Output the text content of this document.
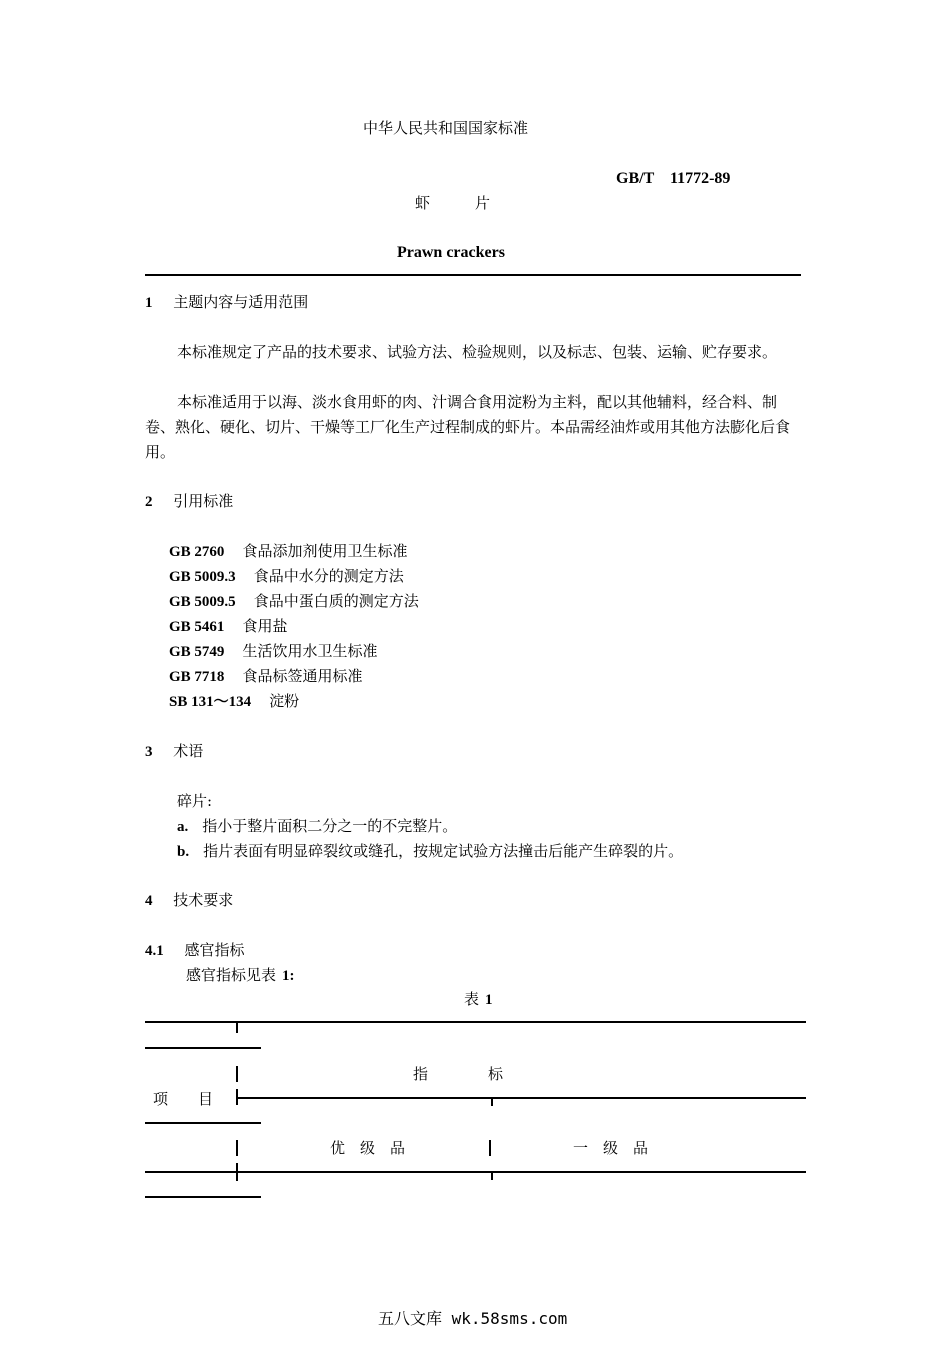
中华人民共和国国家标准
GB/T　11772-89
虾　　　片
Prawn crackers
1 主题内容与适用范围
本标准规定了产品的技术要求、试验方法、检验规则，以及标志、包装、运输、贮存要求。
本标准适用于以海、淡水食用虾的肉、汁调合食用淀粉为主料，配以其他辅料，经合料、制卷、熟化、硬化、切片、干燥等工厂化生产过程制成的虾片。本品需经油炸或用其他方法膨化后食用。
2 引用标准
GB 2760 食品添加剂使用卫生标准
GB 5009.3 食品中水分的测定方法
GB 5009.5 食品中蛋白质的测定方法
GB 5461 食用盐
GB 5749 生活饮用水卫生标准
GB 7718 食品标签通用标准
SB 131～134 淀粉
3 术语
碎片:
a. 指小于整片面积二分之一的不完整片。
b. 指片表面有明显碎裂纹或缝孔，按规定试验方法撞击后能产生碎裂的片。
4 技术要求
4.1 感官指标
感官指标见表 1:
表 1
指　　　　标
项　　目
优　级　品	一　级　品
五八文库 wk.58sms.com
